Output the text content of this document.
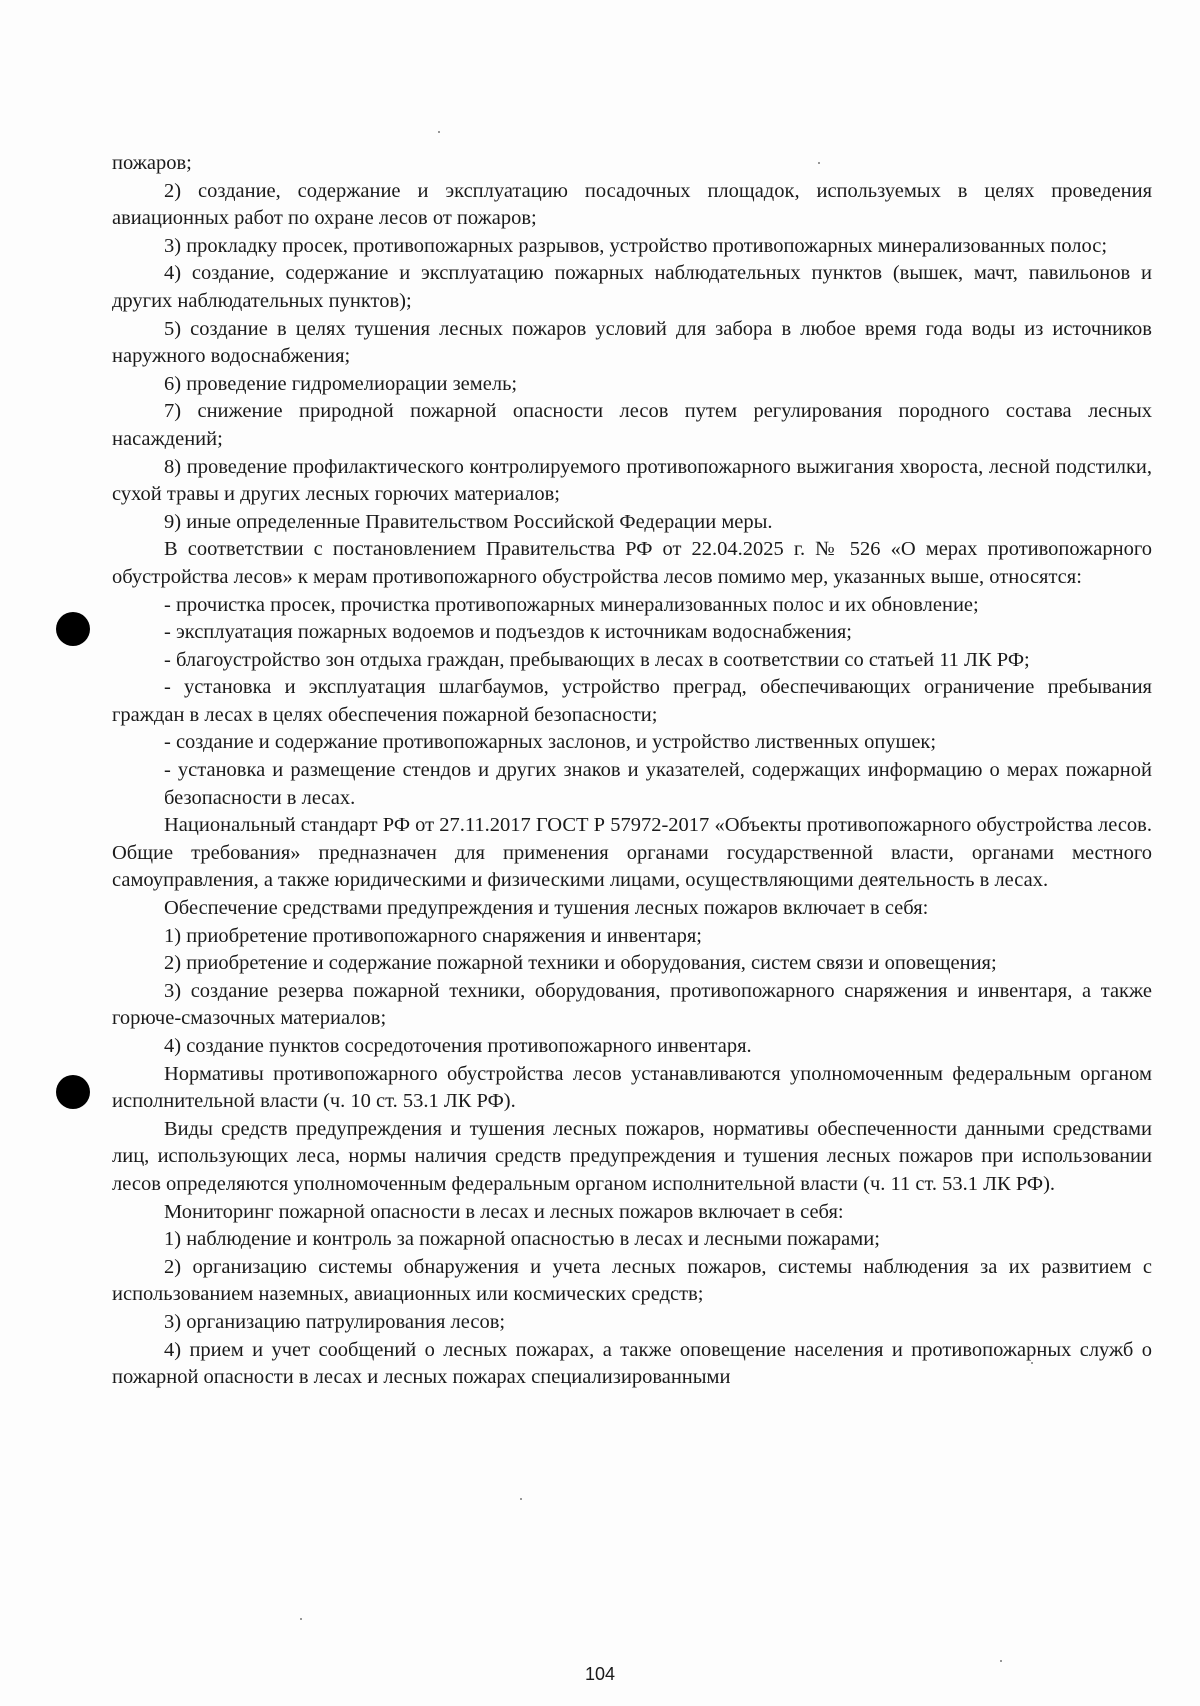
пожаров;

2) создание, содержание и эксплуатацию посадочных площадок, используемых в целях проведения авиационных работ по охране лесов от пожаров;

3) прокладку просек, противопожарных разрывов, устройство противопожарных минерализованных полос;

4) создание, содержание и эксплуатацию пожарных наблюдательных пунктов (вышек, мачт, павильонов и других наблюдательных пунктов);

5) создание в целях тушения лесных пожаров условий для забора в любое время года воды из источников наружного водоснабжения;

6) проведение гидромелиорации земель;

7) снижение природной пожарной опасности лесов путем регулирования породного состава лесных насаждений;

8) проведение профилактического контролируемого противопожарного выжигания хвороста, лесной подстилки, сухой травы и других лесных горючих материалов;

9) иные определенные Правительством Российской Федерации меры.

В соответствии с постановлением Правительства РФ от 22.04.2025 г. № 526 «О мерах противопожарного обустройства лесов» к мерам противопожарного обустройства лесов помимо мер, указанных выше, относятся:

- прочистка просек, прочистка противопожарных минерализованных полос и их обновление;

- эксплуатация пожарных водоемов и подъездов к источникам водоснабжения;

- благоустройство зон отдыха граждан, пребывающих в лесах в соответствии со статьей 11 ЛК РФ;

- установка и эксплуатация шлагбаумов, устройство преград, обеспечивающих ограничение пребывания граждан в лесах в целях обеспечения пожарной безопасности;

- создание и содержание противопожарных заслонов, и устройство лиственных опушек;

- установка и размещение стендов и других знаков и указателей, содержащих информацию о мерах пожарной безопасности в лесах.

Национальный стандарт РФ от 27.11.2017 ГОСТ Р 57972-2017 «Объекты противопожарного обустройства лесов. Общие требования» предназначен для применения органами государственной власти, органами местного самоуправления, а также юридическими и физическими лицами, осуществляющими деятельность в лесах.

Обеспечение средствами предупреждения и тушения лесных пожаров включает в себя:

1) приобретение противопожарного снаряжения и инвентаря;

2) приобретение и содержание пожарной техники и оборудования, систем связи и оповещения;

3) создание резерва пожарной техники, оборудования, противопожарного снаряжения и инвентаря, а также горюче-смазочных материалов;

4) создание пунктов сосредоточения противопожарного инвентаря.

Нормативы противопожарного обустройства лесов устанавливаются уполномоченным федеральным органом исполнительной власти (ч. 10 ст. 53.1 ЛК РФ).

Виды средств предупреждения и тушения лесных пожаров, нормативы обеспеченности данными средствами лиц, использующих леса, нормы наличия средств предупреждения и тушения лесных пожаров при использовании лесов определяются уполномоченным федеральным органом исполнительной власти (ч. 11 ст. 53.1 ЛК РФ).

Мониторинг пожарной опасности в лесах и лесных пожаров включает в себя:

1) наблюдение и контроль за пожарной опасностью в лесах и лесными пожарами;

2) организацию системы обнаружения и учета лесных пожаров, системы наблюдения за их развитием с использованием наземных, авиационных или космических средств;

3) организацию патрулирования лесов;

4) прием и учет сообщений о лесных пожарах, а также оповещение населения и противопожарных служб о пожарной опасности в лесах и лесных пожарах специализированными

104
